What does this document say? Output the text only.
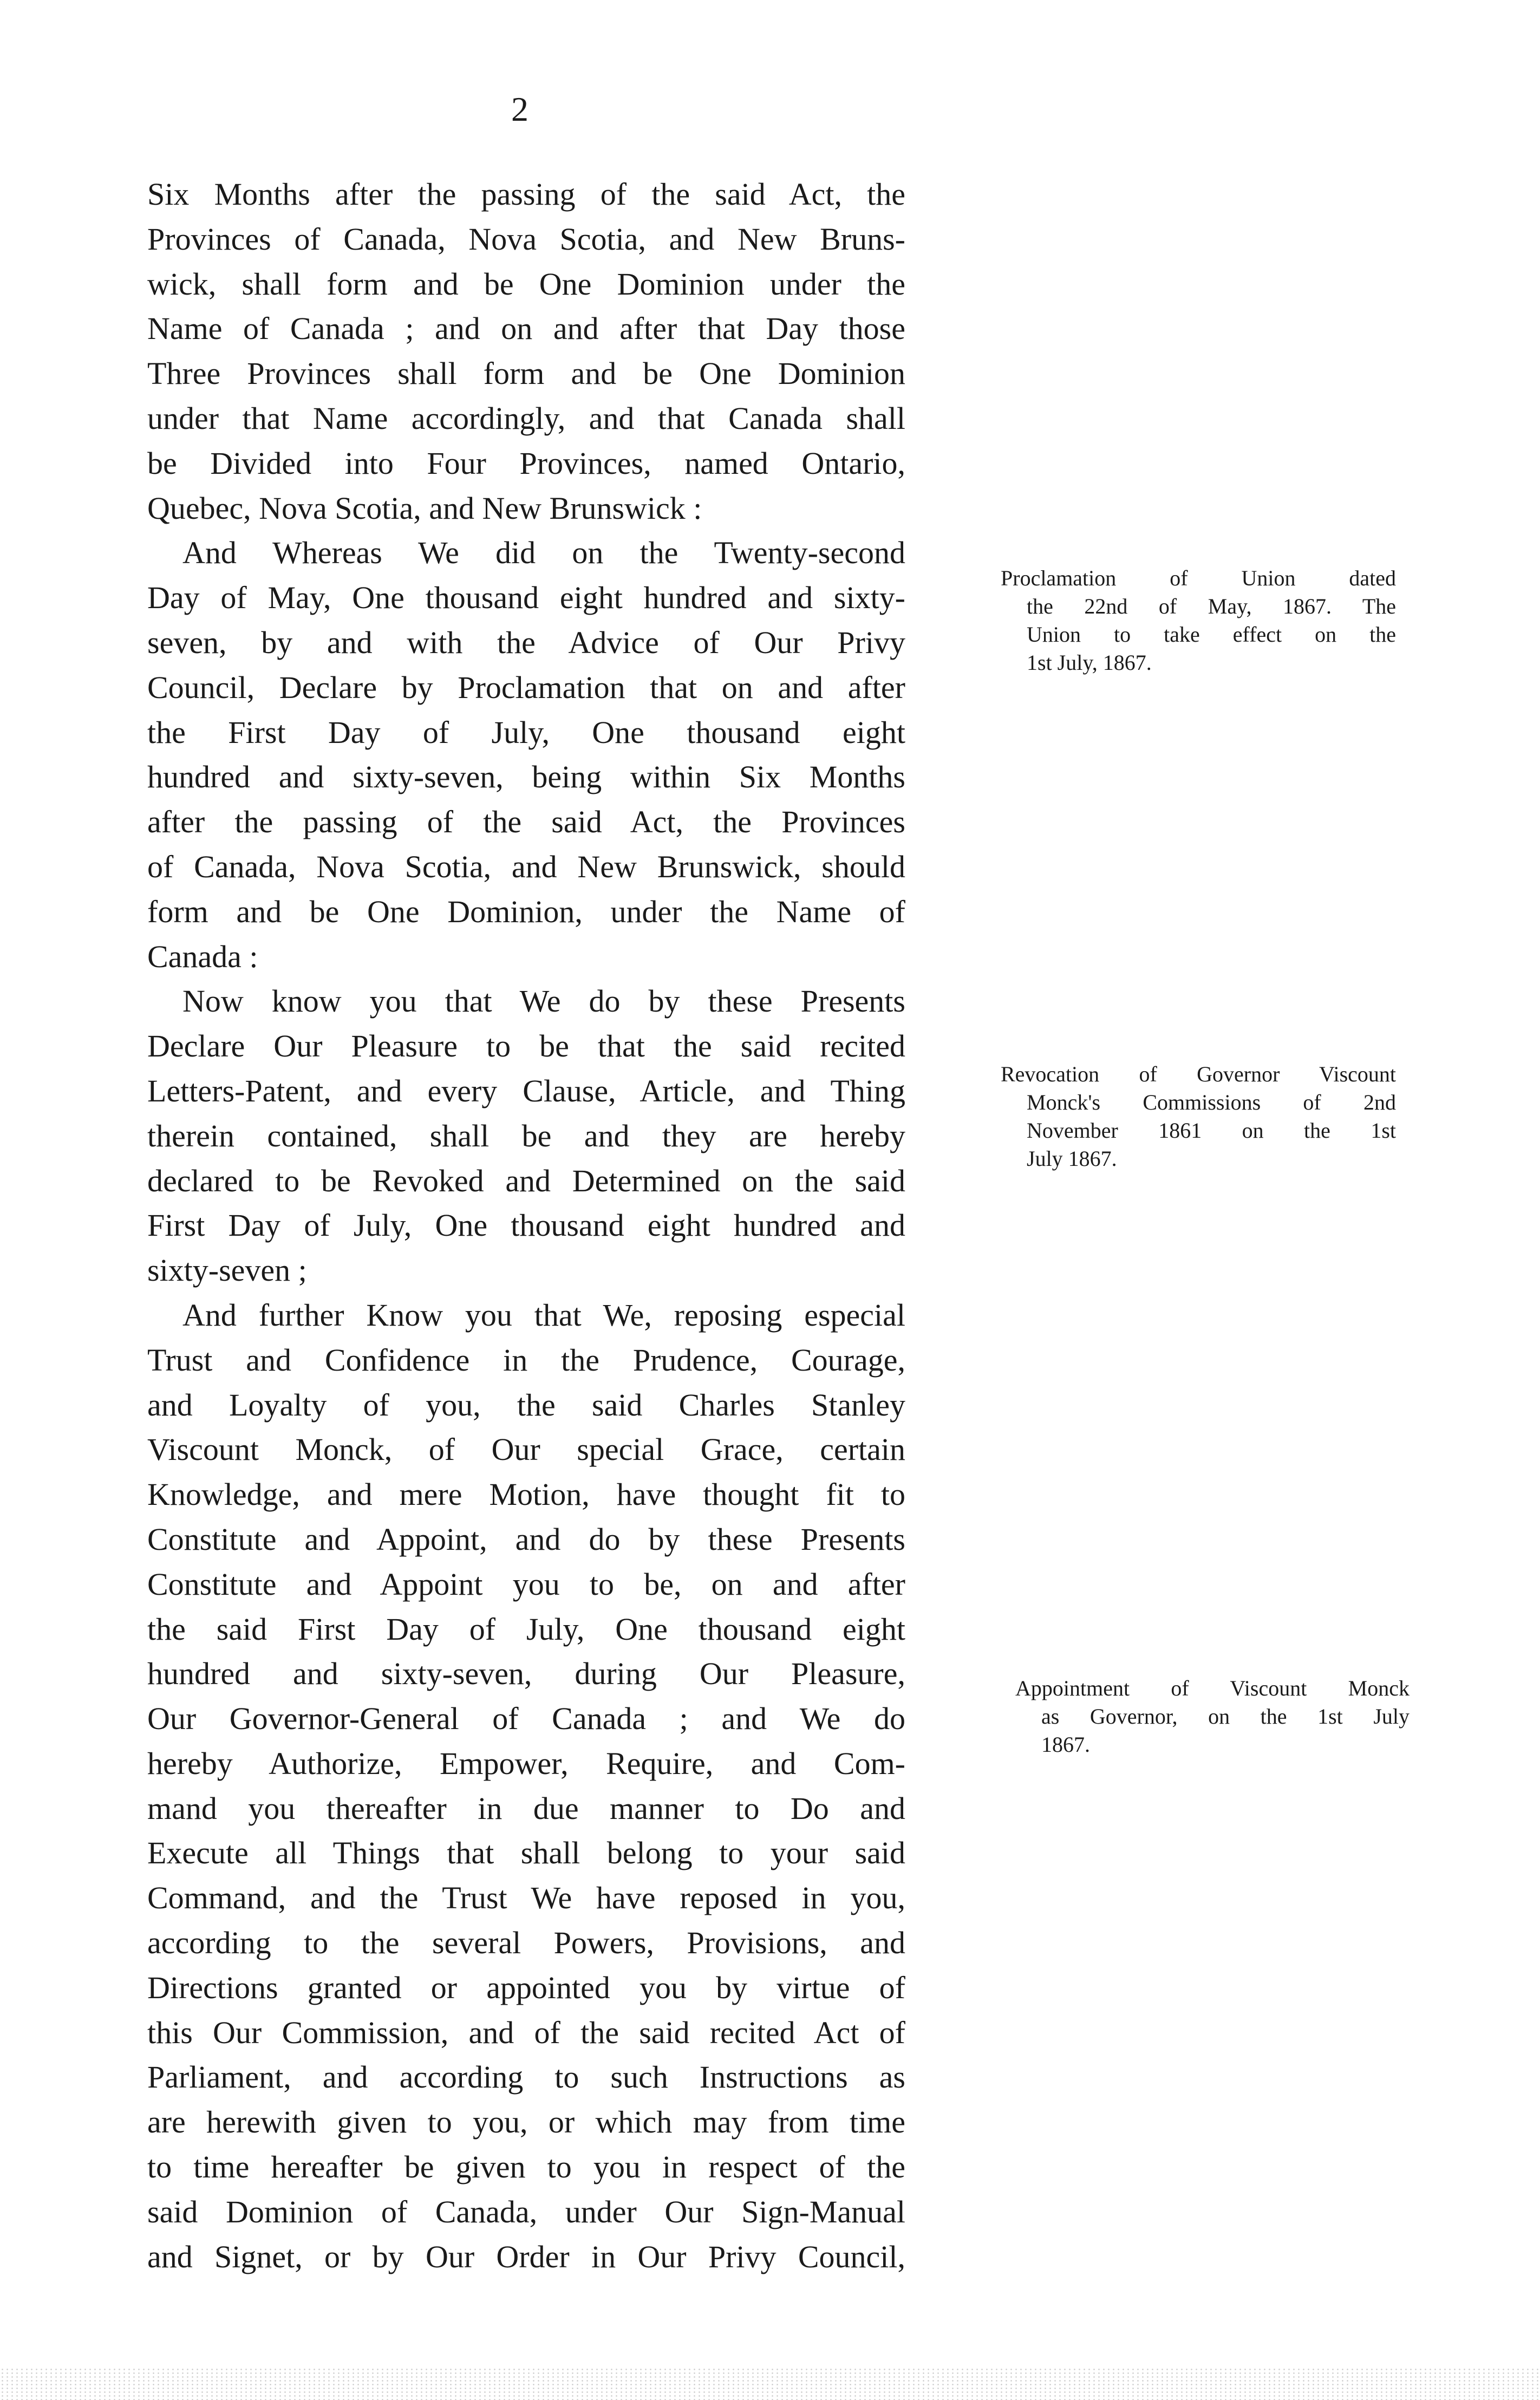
2
Six Months after the passing of the said Act, the
Provinces of Canada, Nova Scotia, and New Bruns-
wick, shall form and be One Dominion under the
Name of Canada ; and on and after that Day those
Three Provinces shall form and be One Dominion
under that Name accordingly, and that Canada shall
be Divided into Four Provinces, named Ontario,
Quebec, Nova Scotia, and New Brunswick :
And Whereas We did on the Twenty-second
Day of May, One thousand eight hundred and sixty-
seven, by and with the Advice of Our Privy
Council, Declare by Proclamation that on and after
the First Day of July, One thousand eight
hundred and sixty-seven, being within Six Months
after the passing of the said Act, the Provinces
of Canada, Nova Scotia, and New Brunswick, should
form and be One Dominion, under the Name of
Canada :
Now know you that We do by these Presents
Declare Our Pleasure to be that the said recited
Letters-Patent, and every Clause, Article, and Thing
therein contained, shall be and they are hereby
declared to be Revoked and Determined on the said
First Day of July, One thousand eight hundred and
sixty-seven ;
And further Know you that We, reposing especial
Trust and Confidence in the Prudence, Courage,
and Loyalty of you, the said Charles Stanley
Viscount Monck, of Our special Grace, certain
Knowledge, and mere Motion, have thought fit to
Constitute and Appoint, and do by these Presents
Constitute and Appoint you to be, on and after
the said First Day of July, One thousand eight
hundred and sixty-seven, during Our Pleasure,
Our Governor-General of Canada ; and We do
hereby Authorize, Empower, Require, and Com-
mand you thereafter in due manner to Do and
Execute all Things that shall belong to your said
Command, and the Trust We have reposed in you,
according to the several Powers, Provisions, and
Directions granted or appointed you by virtue of
this Our Commission, and of the said recited Act of
Parliament, and according to such Instructions as
are herewith given to you, or which may from time
to time hereafter be given to you in respect of the
said Dominion of Canada, under Our Sign-Manual
and Signet, or by Our Order in Our Privy Council,
Proclamation of Union dated
the 22nd of May, 1867. The
Union to take effect on the
1st July, 1867.
Revocation of Governor Viscount
Monck's Commissions of 2nd
November 1861 on the 1st
July 1867.
Appointment of Viscount Monck
as Governor, on the 1st July
1867.
